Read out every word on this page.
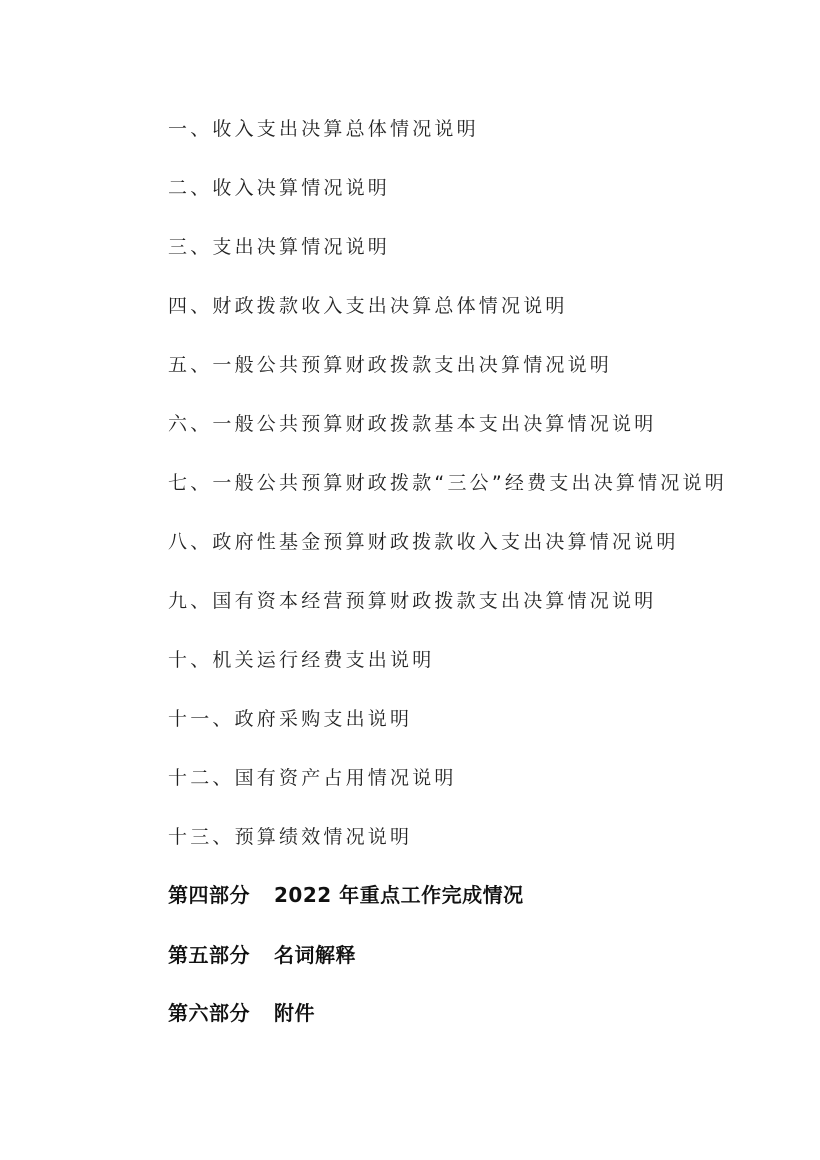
一、收入支出决算总体情况说明
二、收入决算情况说明
三、支出决算情况说明
四、财政拨款收入支出决算总体情况说明
五、一般公共预算财政拨款支出决算情况说明
六、一般公共预算财政拨款基本支出决算情况说明
七、一般公共预算财政拨款“三公”经费支出决算情况说明
八、政府性基金预算财政拨款收入支出决算情况说明
九、国有资本经营预算财政拨款支出决算情况说明
十、机关运行经费支出说明
十一、政府采购支出说明
十二、国有资产占用情况说明
十三、预算绩效情况说明
第四部分 2022 年重点工作完成情况
第五部分 名词解释
第六部分 附件
